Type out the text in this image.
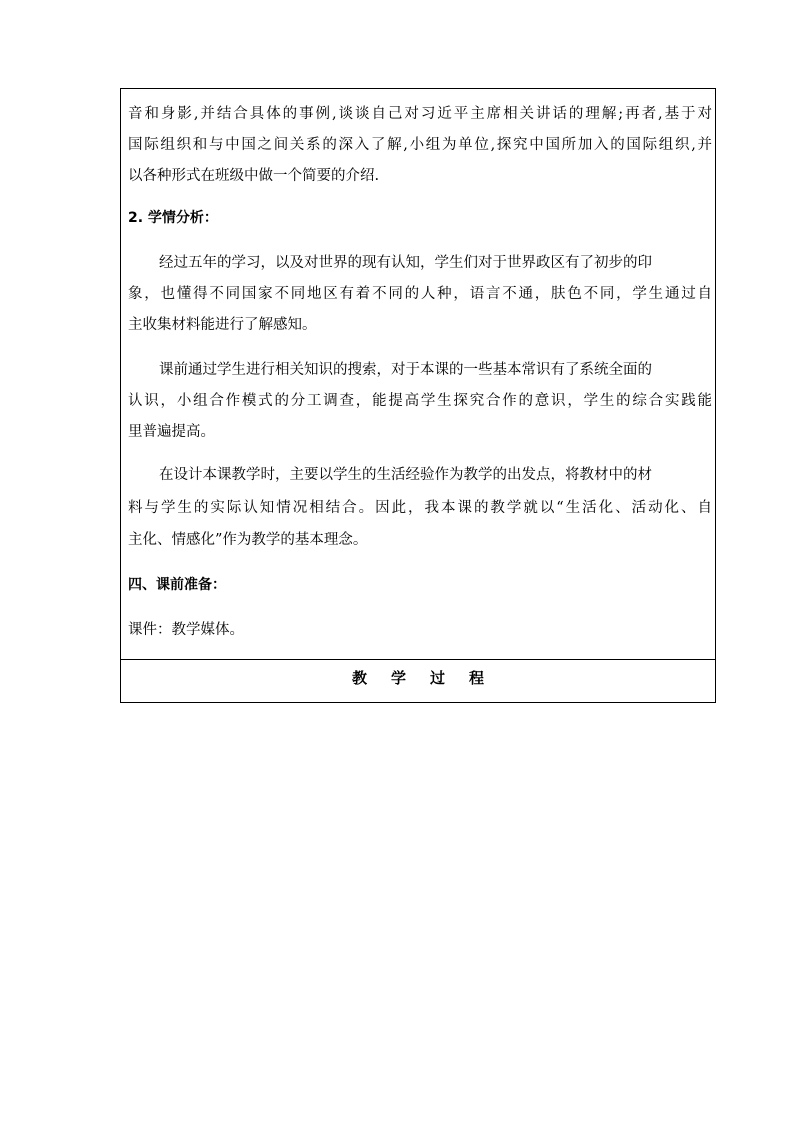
音和身影,并结合具体的事例,谈谈自己对习近平主席相关讲话的理解;再者,基于对
国际组织和与中国之间关系的深入了解,小组为单位,探究中国所加入的国际组织,并
以各种形式在班级中做一个简要的介绍.
2. 学情分析：
经过五年的学习，以及对世界的现有认知，学生们对于世界政区有了初步的印
象，也懂得不同国家不同地区有着不同的人种，语言不通，肤色不同，学生通过自
主收集材料能进行了解感知。
课前通过学生进行相关知识的搜索，对于本课的一些基本常识有了系统全面的
认识，小组合作模式的分工调查，能提高学生探究合作的意识，学生的综合实践能
里普遍提高。
在设计本课教学时，主要以学生的生活经验作为教学的出发点，将教材中的材
料与学生的实际认知情况相结合。因此，我本课的教学就以“生活化、活动化、自
主化、情感化”作为教学的基本理念。
四、课前准备：
课件：教学媒体。
教学过程
